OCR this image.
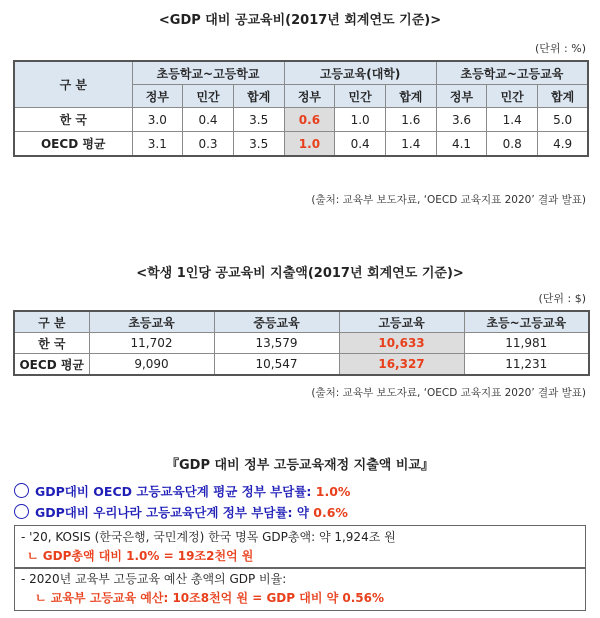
<GDP 대비 공교육비(2017년 회계연도 기준)>
(단위 : %)
구 분	초등학교~고등학교			고등교육(대학)			초등학교~고등교육		
	정부	민간	합계	정부	민간	합계	정부	민간	합계
한 국	3.0	0.4	3.5	0.6	1.0	1.6	3.6	1.4	5.0
OECD 평균	3.1	0.3	3.5	1.0	0.4	1.4	4.1	0.8	4.9
(출처: 교육부 보도자료, ‘OECD 교육지표 2020’ 결과 발표)
<학생 1인당 공교육비 지출액(2017년 회계연도 기준)>
(단위 : $)
구 분	초등교육	중등교육	고등교육	초등~고등교육
한 국	11,702	13,579	10,633	11,981
OECD 평균	9,090	10,547	16,327	11,231
(출처: 교육부 보도자료, ‘OECD 교육지표 2020’ 결과 발표)
『GDP 대비 정부 고등교육재정 지출액 비교』
GDP대비 OECD 고등교육단계 평균 정부 부담률: 1.0%
GDP대비 우리나라 고등교육단계 정부 부담률: 약 0.6%
- '20, KOSIS (한국은행, 국민계정) 한국 명목 GDP총액: 약 1,924조 원
ㄴ GDP총액 대비 1.0% = 19조2천억 원
- 2020년 교육부 고등교육 예산 총액의 GDP 비율:
ㄴ 교육부 고등교육 예산: 10조8천억 원 = GDP 대비 약 0.56%
